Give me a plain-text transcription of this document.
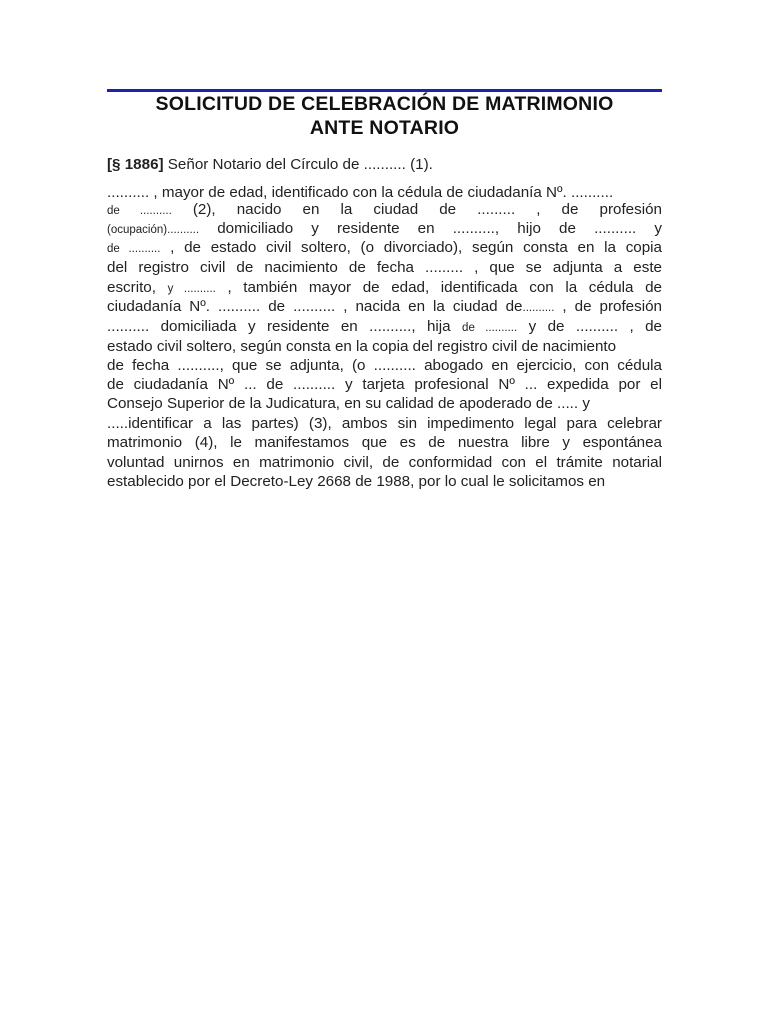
SOLICITUD DE CELEBRACIÓN DE MATRIMONIO
ANTE NOTARIO
[§ 1886] Señor Notario del Círculo de .......... (1).
.......... , mayor de edad, identificado con la cédula de ciudadanía Nº. ..........
de .......... (2), nacido en la ciudad de ......... , de profesión
(ocupación).......... domiciliado y residente en .........., hijo de .......... y
de .......... , de estado civil soltero, (o divorciado), según consta en la copia
del registro civil de nacimiento de fecha ......... , que se adjunta a este
escrito, y .......... , también mayor de edad, identificada con la cédula de
ciudadanía Nº. .......... de .......... , nacida en la ciudad de.......... , de profesión
.......... domiciliada y residente en .........., hija de .......... y de .......... , de
estado civil soltero, según consta en la copia del registro civil de nacimiento
de fecha .........., que se adjunta, (o .......... abogado en ejercicio, con cédula
de ciudadanía Nº ... de .......... y tarjeta profesional Nº ... expedida por el
Consejo Superior de la Judicatura, en su calidad de apoderado de ..... y
.....identificar a las partes) (3), ambos sin impedimento legal para celebrar
matrimonio (4), le manifestamos que es de nuestra libre y espontánea
voluntad unirnos en matrimonio civil, de conformidad con el trámite notarial
establecido por el Decreto-Ley 2668 de 1988, por lo cual le solicitamos en
